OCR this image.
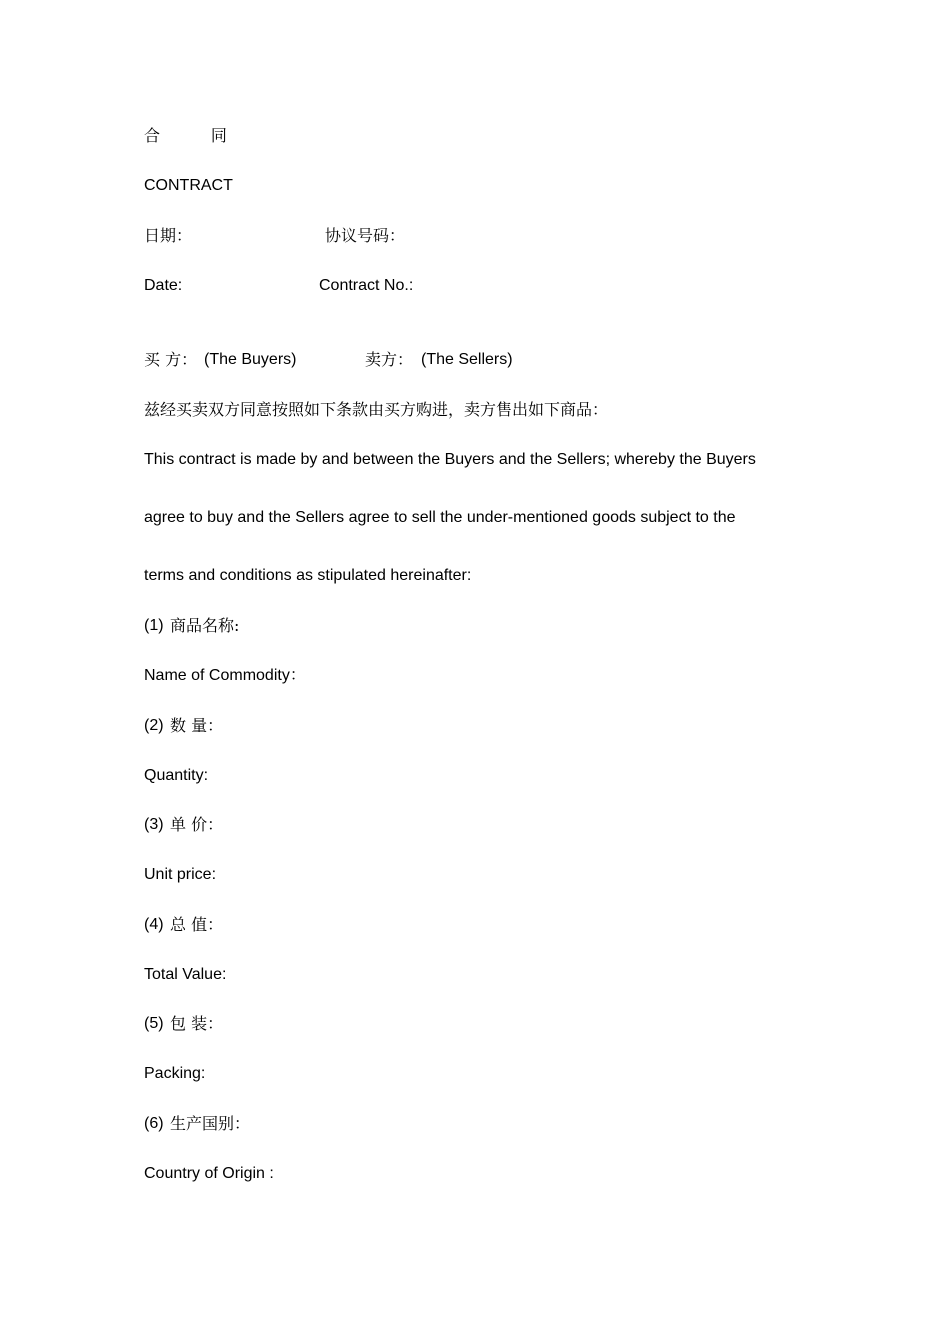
合          同
CONTRACT
日期：	协议号码：
Date:	Contract No.:
买 方： (The Buyers)	卖方： (The Sellers)
兹经买卖双方同意按照如下条款由买方购进，卖方售出如下商品：
This contract is made by and between the Buyers and the Sellers; whereby the Buyers
agree to buy and the Sellers agree to sell the under-mentioned goods subject to the
terms and conditions as stipulated hereinafter:
(1) 商品名称:
Name of Commodity：
(2) 数 量：
Quantity:
(3) 单 价：
Unit price:
(4) 总 值：
Total Value:
(5) 包 装：
Packing:
(6) 生产国别：
Country of Origin :
